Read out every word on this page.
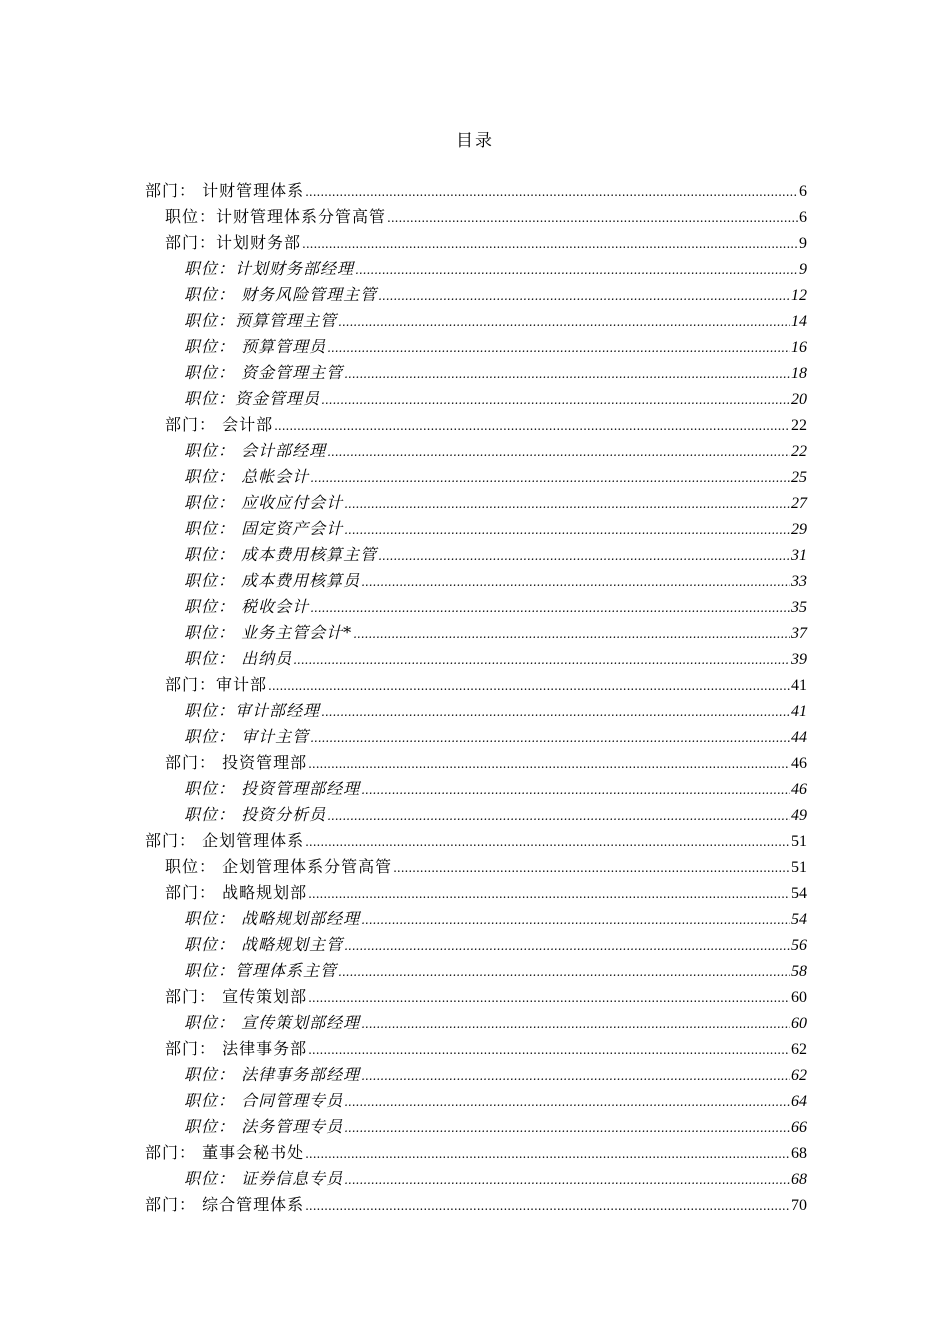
目录
部门： 计财管理体系 .....	6
职位：计财管理体系分管高管 .....	6
部门：计划财务部 .....	9
职位：计划财务部经理 .....	9
职位： 财务风险管理主管 .....	12
职位：预算管理主管 .....	14
职位： 预算管理员 .....	16
职位： 资金管理主管 .....	18
职位：资金管理员 .....	20
部门： 会计部 .....	22
职位： 会计部经理 .....	22
职位： 总帐会计 .....	25
职位： 应收应付会计 .....	27
职位： 固定资产会计 .....	29
职位： 成本费用核算主管 .....	31
职位： 成本费用核算员 .....	33
职位： 税收会计 .....	35
职位： 业务主管会计* .....	37
职位： 出纳员 .....	39
部门：审计部 .....	41
职位：审计部经理 .....	41
职位： 审计主管 .....	44
部门： 投资管理部 .....	46
职位： 投资管理部经理 .....	46
职位： 投资分析员 .....	49
部门： 企划管理体系 .....	51
职位： 企划管理体系分管高管 .....	51
部门： 战略规划部 .....	54
职位： 战略规划部经理 .....	54
职位： 战略规划主管 .....	56
职位：管理体系主管 .....	58
部门： 宣传策划部 .....	60
职位： 宣传策划部经理 .....	60
部门： 法律事务部 .....	62
职位： 法律事务部经理 .....	62
职位： 合同管理专员 .....	64
职位： 法务管理专员 .....	66
部门： 董事会秘书处 .....	68
职位： 证券信息专员 .....	68
部门： 综合管理体系 .....	70
